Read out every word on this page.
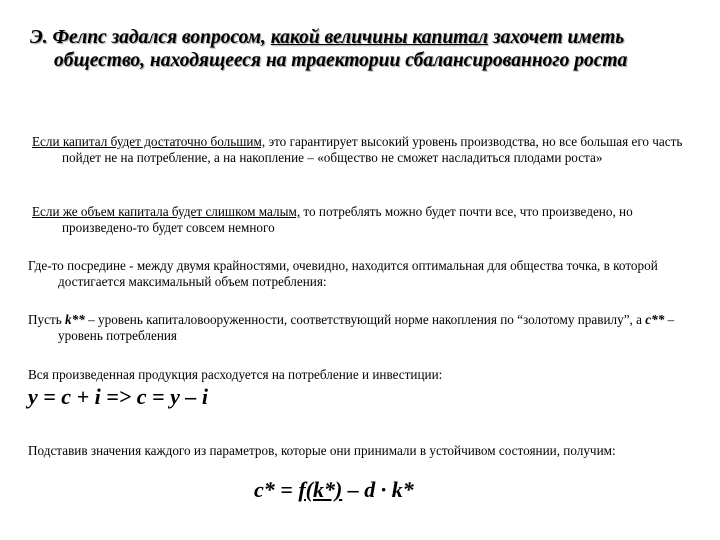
Э. Фелпс задался вопросом, какой величины капитал захочет иметь общество, находящееся на траектории сбалансированного роста
Если капитал будет достаточно большим, это гарантирует высокий уровень производства, но все большая его часть пойдет не на потребление, а на накопление – «общество не сможет насладиться плодами роста»
Если же объем капитала будет слишком малым, то потреблять можно будет почти все, что произведено, но произведено-то будет совсем немного
Где-то посредине - между двумя крайностями, очевидно, находится оптимальная для общества точка, в которой достигается максимальный объем потребления:
Пусть k** – уровень капиталовооруженности, соответствующий норме накопления по “золотому правилу”, а c** – уровень потребления
Вся произведенная продукция расходуется на потребление и инвестиции:
y = c + i => c = y – i
Подставив значения каждого из параметров, которые они принимали в устойчивом состоянии, получим:
c* = f(k*) – d · k*
